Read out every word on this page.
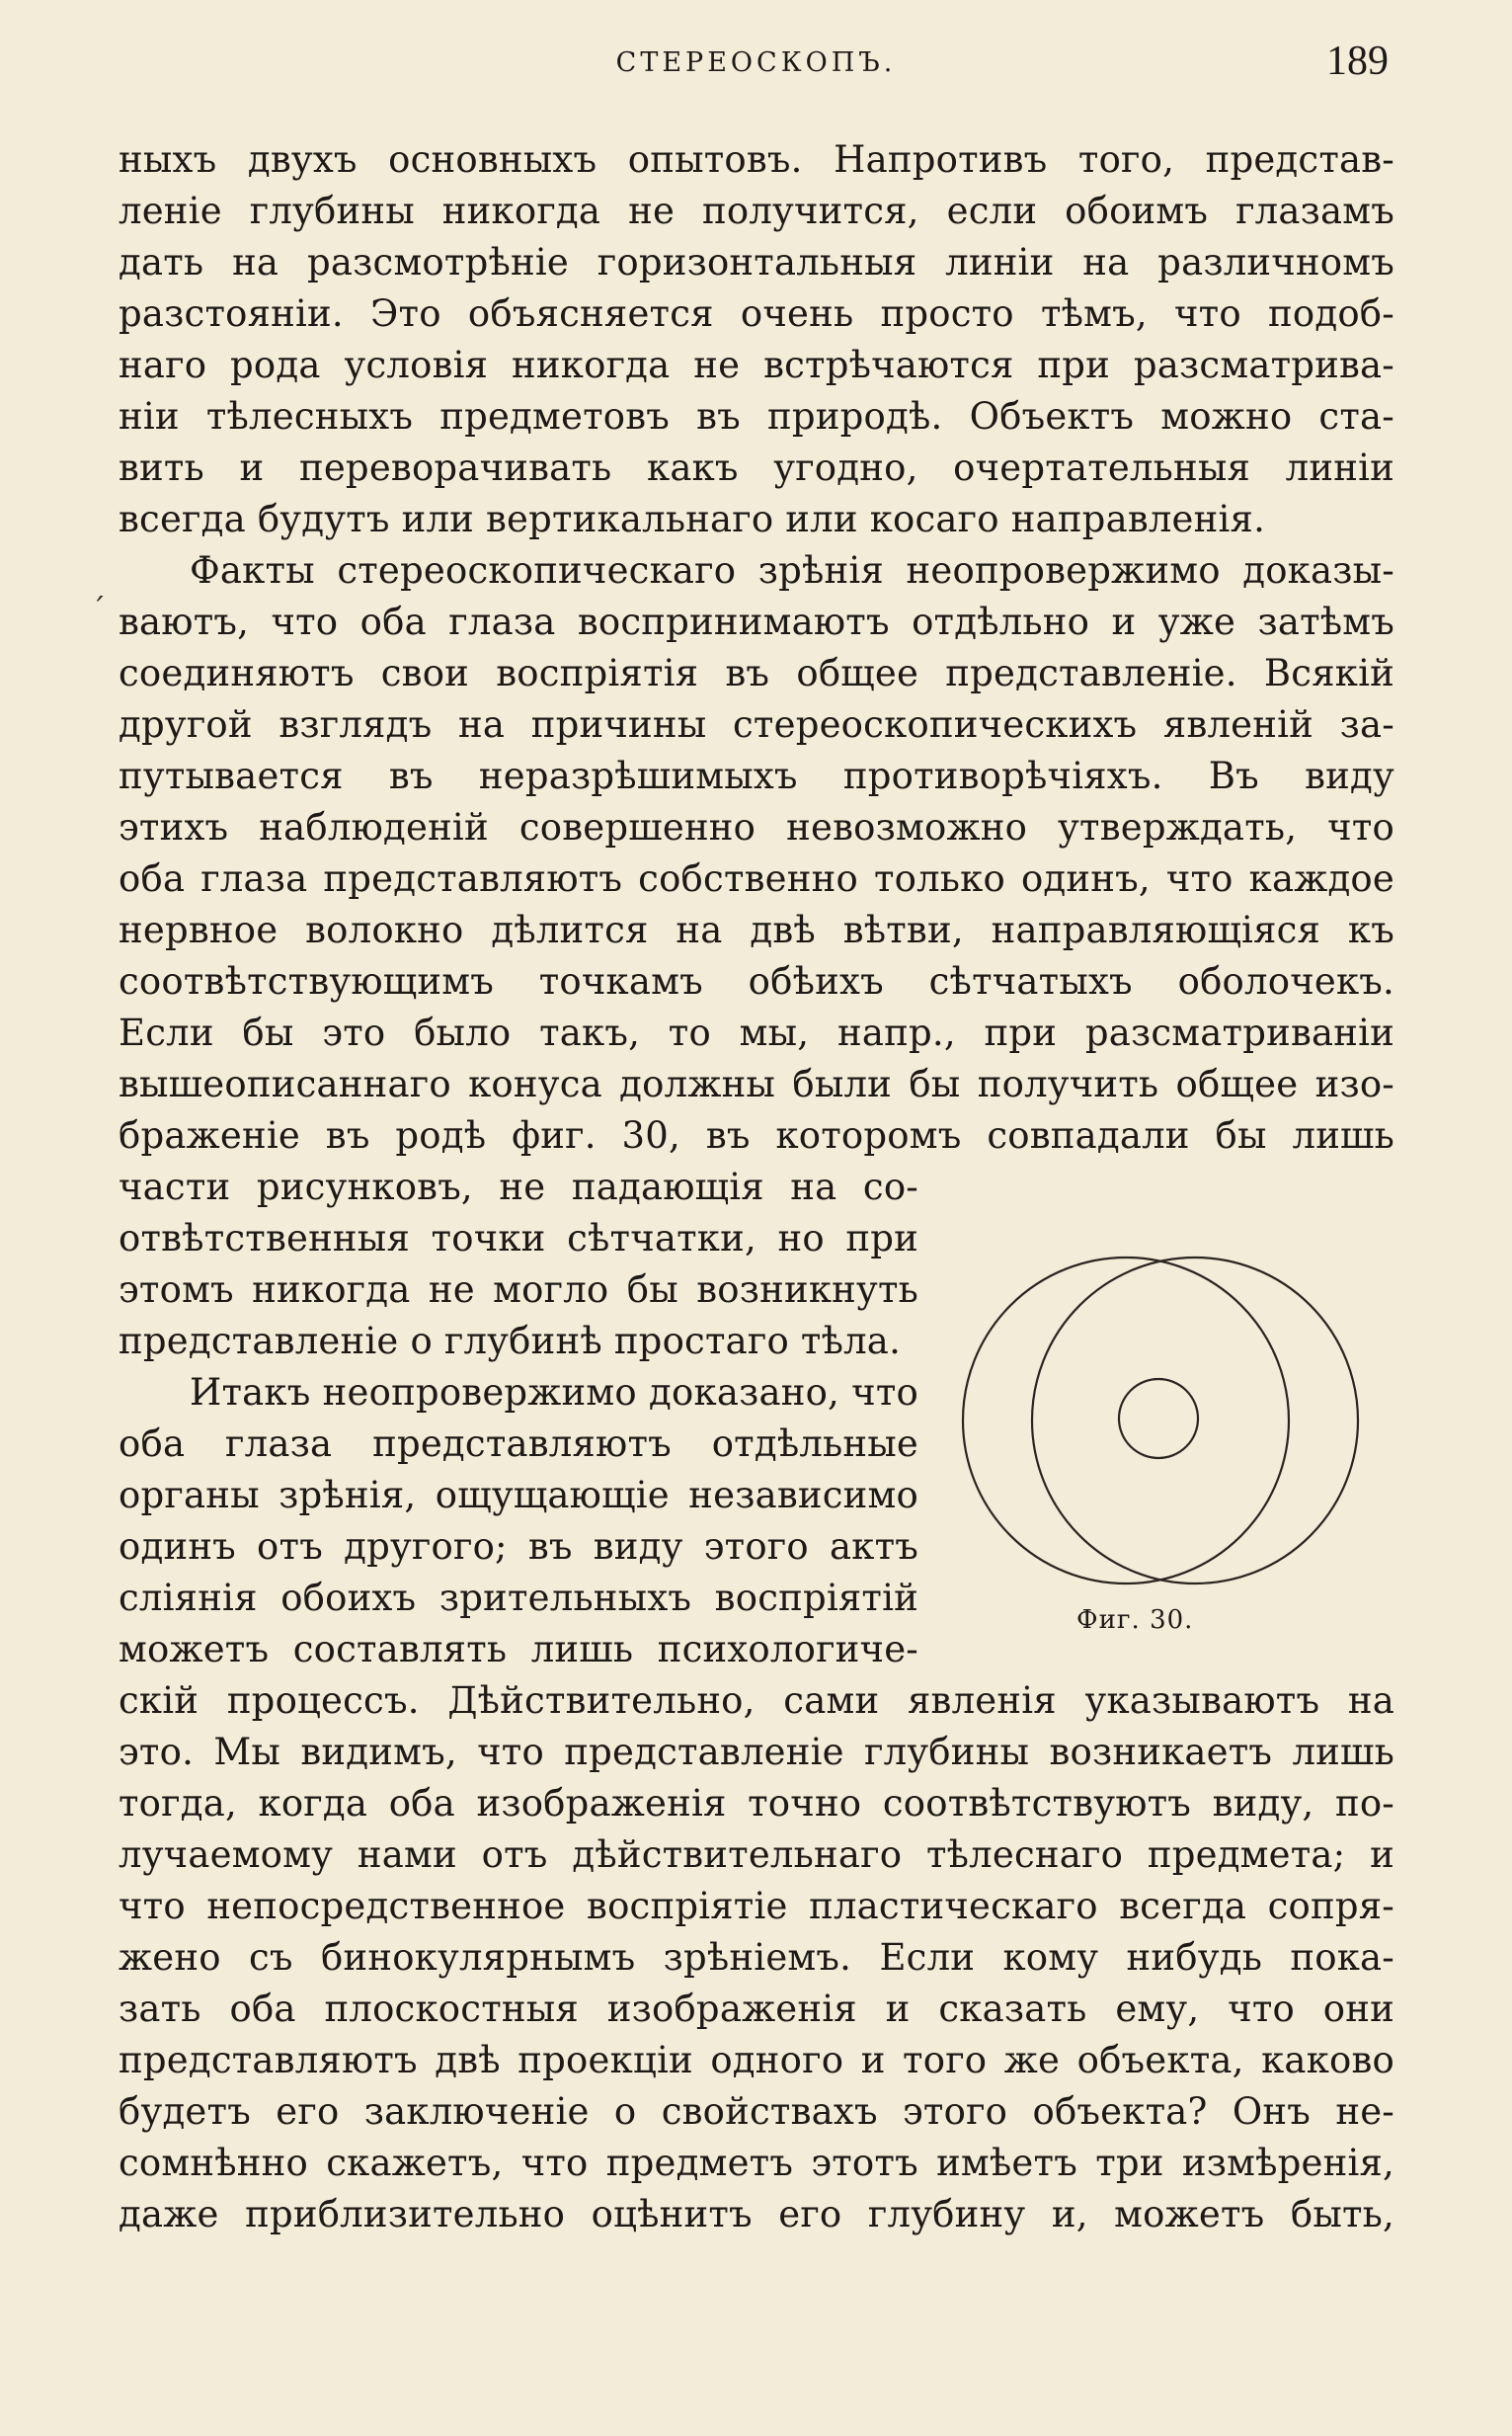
СТЕРЕОСКОПЪ.	189
ныхъ двухъ основныхъ опытовъ. Напротивъ того, представ-
ленiе глубины никогда не получится, если обоимъ глазамъ
дать на разсмотрѣнiе горизонтальныя линiи на различномъ
разстоянiи. Это объясняется очень просто тѣмъ, что подоб-
наго рода условiя никогда не встрѣчаются при разсматрива-
нiи тѣлесныхъ предметовъ въ природѣ. Объектъ можно ста-
вить и переворачивать какъ угодно, очертательныя линiи
всегда будутъ или вертикальнаго или косаго направленiя.
Факты стереоскопическаго зрѣнiя неопровержимо доказы-
ваютъ, что оба глаза воспринимаютъ отдѣльно и уже затѣмъ
соединяютъ свои воспрiятiя въ общее представленiе. Всякiй
другой взглядъ на причины стереоскопическихъ явленiй за-
путывается въ неразрѣшимыхъ противорѣчiяхъ. Въ виду
этихъ наблюденiй совершенно невозможно утверждать, что
оба глаза представляютъ собственно только одинъ, что каждое
нервное волокно дѣлится на двѣ вѣтви, направляющiяся къ
соотвѣтствующимъ точкамъ обѣихъ сѣтчатыхъ оболочекъ.
Если бы это было такъ, то мы, напр., при разсматриванiи
вышеописаннаго конуса должны были бы получить общее изо-
браженiе въ родѣ фиг. 30, въ которомъ совпадали бы лишь
части рисунковъ, не падающiя на со-
отвѣтственныя точки сѣтчатки, но при
этомъ никогда не могло бы возникнуть
представленiе о глубинѣ простаго тѣла.
Итакъ неопровержимо доказано, что
оба глаза представляютъ отдѣльные
органы зрѣнiя, ощущающiе независимо
одинъ отъ другого; въ виду этого актъ
слiянiя обоихъ зрительныхъ воспрiятiй
можетъ составлять лишь психологиче-
Фиг. 30.
скiй процессъ. Дѣйствительно, сами явленiя указываютъ на
это. Мы видимъ, что представленiе глубины возникаетъ лишь
тогда, когда оба изображенiя точно соотвѣтствуютъ виду, по-
лучаемому нами отъ дѣйствительнаго тѣлеснаго предмета; и
что непосредственное воспрiятiе пластическаго всегда сопря-
жено съ бинокулярнымъ зрѣнiемъ. Если кому нибудь пока-
зать оба плоскостныя изображенiя и сказать ему, что они
представляютъ двѣ проекцiи одного и того же объекта, каково
будетъ его заключенiе о свойствахъ этого объекта? Онъ не-
сомнѣнно скажетъ, что предметъ этотъ имѣетъ три измѣренiя,
даже приблизительно оцѣнитъ его глубину и, можетъ быть,
ˊ
